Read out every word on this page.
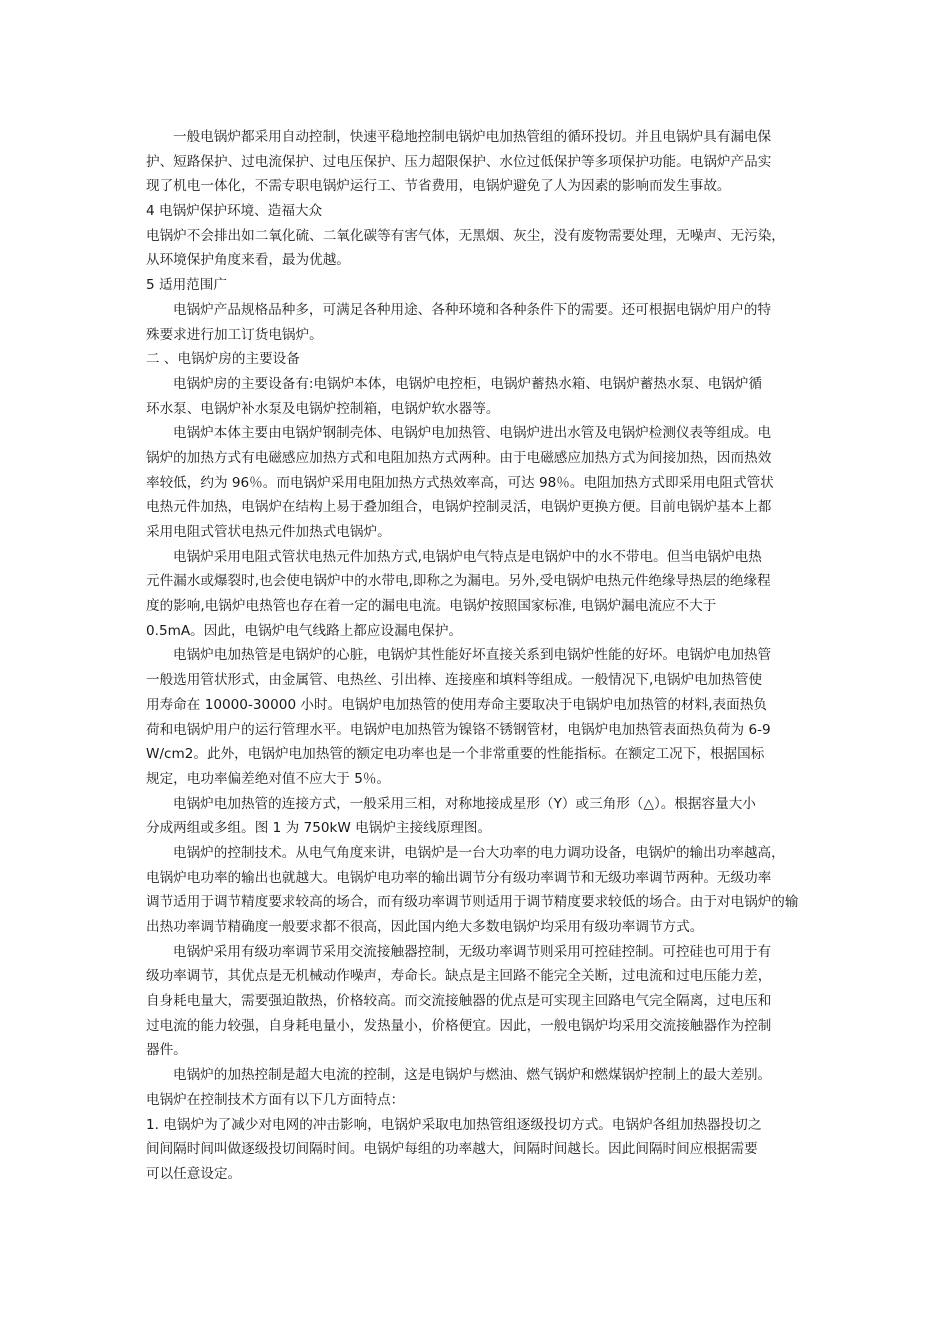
一般电锅炉都采用自动控制，快速平稳地控制电锅炉电加热管组的循环投切。并且电锅炉具有漏电保
护、短路保护、过电流保护、过电压保护、压力超限保护、水位过低保护等多项保护功能。电锅炉产品实
现了机电一体化，不需专职电锅炉运行工、节省费用，电锅炉避免了人为因素的影响而发生事故。
4 电锅炉保护环境、造福大众
电锅炉不会排出如二氧化硫、二氧化碳等有害气体，无黑烟、灰尘，没有废物需要处理，无噪声、无污染，
从环境保护角度来看，最为优越。
5 适用范围广
电锅炉产品规格品种多，可满足各种用途、各种环境和各种条件下的需要。还可根据电锅炉用户的特
殊要求进行加工订货电锅炉。
二 、电锅炉房的主要设备
电锅炉房的主要设备有:电锅炉本体，电锅炉电控柜，电锅炉蓄热水箱、电锅炉蓄热水泵、电锅炉循
环水泵、电锅炉补水泵及电锅炉控制箱，电锅炉软水器等。
电锅炉本体主要由电锅炉钢制壳体、电锅炉电加热管、电锅炉进出水管及电锅炉检测仪表等组成。电
锅炉的加热方式有电磁感应加热方式和电阻加热方式两种。由于电磁感应加热方式为间接加热，因而热效
率较低，约为 96％。而电锅炉采用电阻加热方式热效率高，可达 98％。电阻加热方式即采用电阻式管状
电热元件加热，电锅炉在结构上易于叠加组合，电锅炉控制灵活，电锅炉更换方便。目前电锅炉基本上都
采用电阻式管状电热元件加热式电锅炉。
电锅炉采用电阻式管状电热元件加热方式,电锅炉电气特点是电锅炉中的水不带电。但当电锅炉电热
元件漏水或爆裂时,也会使电锅炉中的水带电,即称之为漏电。另外,受电锅炉电热元件绝缘导热层的绝缘程
度的影响,电锅炉电热管也存在着一定的漏电电流。电锅炉按照国家标准, 电锅炉漏电流应不大于
0.5mA。因此，电锅炉电气线路上都应设漏电保护。
电锅炉电加热管是电锅炉的心脏，电锅炉其性能好坏直接关系到电锅炉性能的好坏。电锅炉电加热管
一般选用管状形式，由金属管、电热丝、引出棒、连接座和填料等组成。一般情况下,电锅炉电加热管使
用寿命在 10000-30000 小时。电锅炉电加热管的使用寿命主要取决于电锅炉电加热管的材料,表面热负
荷和电锅炉用户的运行管理水平。电锅炉电加热管为镍铬不锈钢管材，电锅炉电加热管表面热负荷为 6-9
W/cm2。此外，电锅炉电加热管的额定电功率也是一个非常重要的性能指标。在额定工况下，根据国标
规定，电功率偏差绝对值不应大于 5％。
电锅炉电加热管的连接方式，一般采用三相，对称地接成星形（Y）或三角形（△）。根据容量大小
分成两组或多组。图 1 为 750kW 电锅炉主接线原理图。
电锅炉的控制技术。从电气角度来讲，电锅炉是一台大功率的电力调功设备，电锅炉的输出功率越高，
电锅炉电功率的输出也就越大。电锅炉电功率的输出调节分有级功率调节和无级功率调节两种。无级功率
调节适用于调节精度要求较高的场合，而有级功率调节则适用于调节精度要求较低的场合。由于对电锅炉的输
出热功率调节精确度一般要求都不很高，因此国内绝大多数电锅炉均采用有级功率调节方式。
电锅炉采用有级功率调节采用交流接触器控制，无级功率调节则采用可控硅控制。可控硅也可用于有
级功率调节，其优点是无机械动作噪声，寿命长。缺点是主回路不能完全关断，过电流和过电压能力差，
自身耗电量大，需要强迫散热，价格较高。而交流接触器的优点是可实现主回路电气完全隔离，过电压和
过电流的能力较强，自身耗电量小，发热量小，价格便宜。因此，一般电锅炉均采用交流接触器作为控制
器件。
电锅炉的加热控制是超大电流的控制，这是电锅炉与燃油、燃气锅炉和燃煤锅炉控制上的最大差别。
电锅炉在控制技术方面有以下几方面特点：
1. 电锅炉为了减少对电网的冲击影响，电锅炉采取电加热管组逐级投切方式。电锅炉各组加热器投切之
间间隔时间叫做逐级投切间隔时间。电锅炉每组的功率越大，间隔时间越长。因此间隔时间应根据需要
可以任意设定。
